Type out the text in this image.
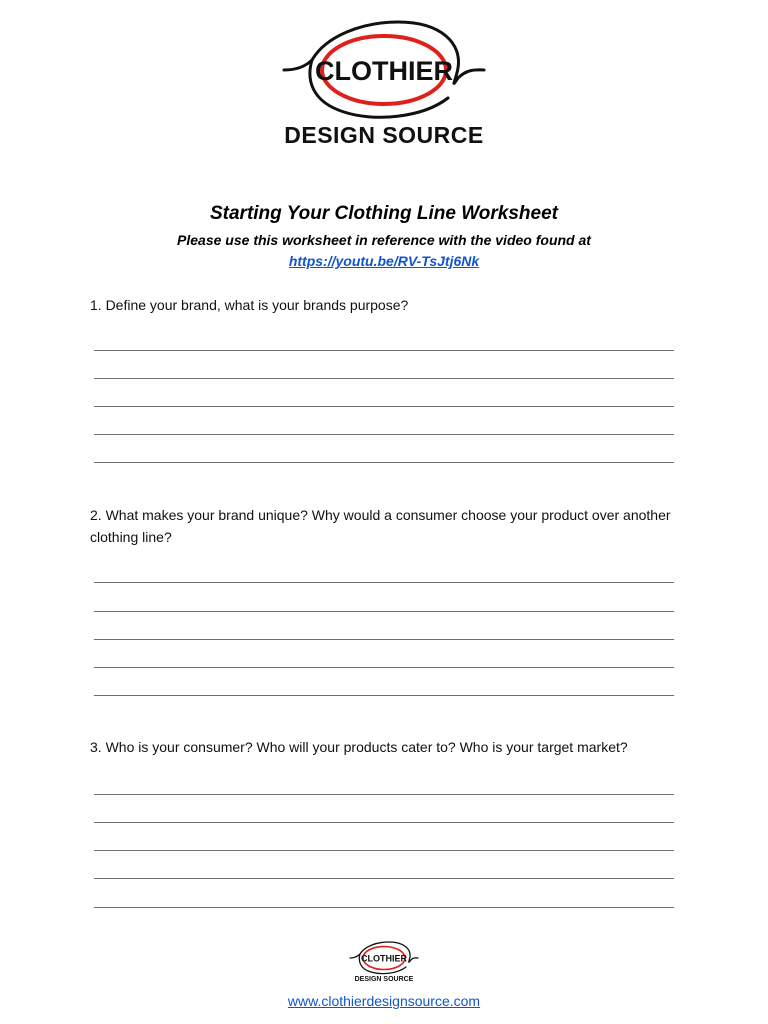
CLOTHIER
DESIGN SOURCE
Starting Your Clothing Line Worksheet
Please use this worksheet in reference with the video found at
https://youtu.be/RV-TsJtj6Nk
1. Define your brand, what is your brands purpose?
2. What makes your brand unique? Why would a consumer choose your product over another clothing line?
3. Who is your consumer? Who will your products cater to? Who is your target market?
CLOTHIER
DESIGN SOURCE
www.clothierdesignsource.com
